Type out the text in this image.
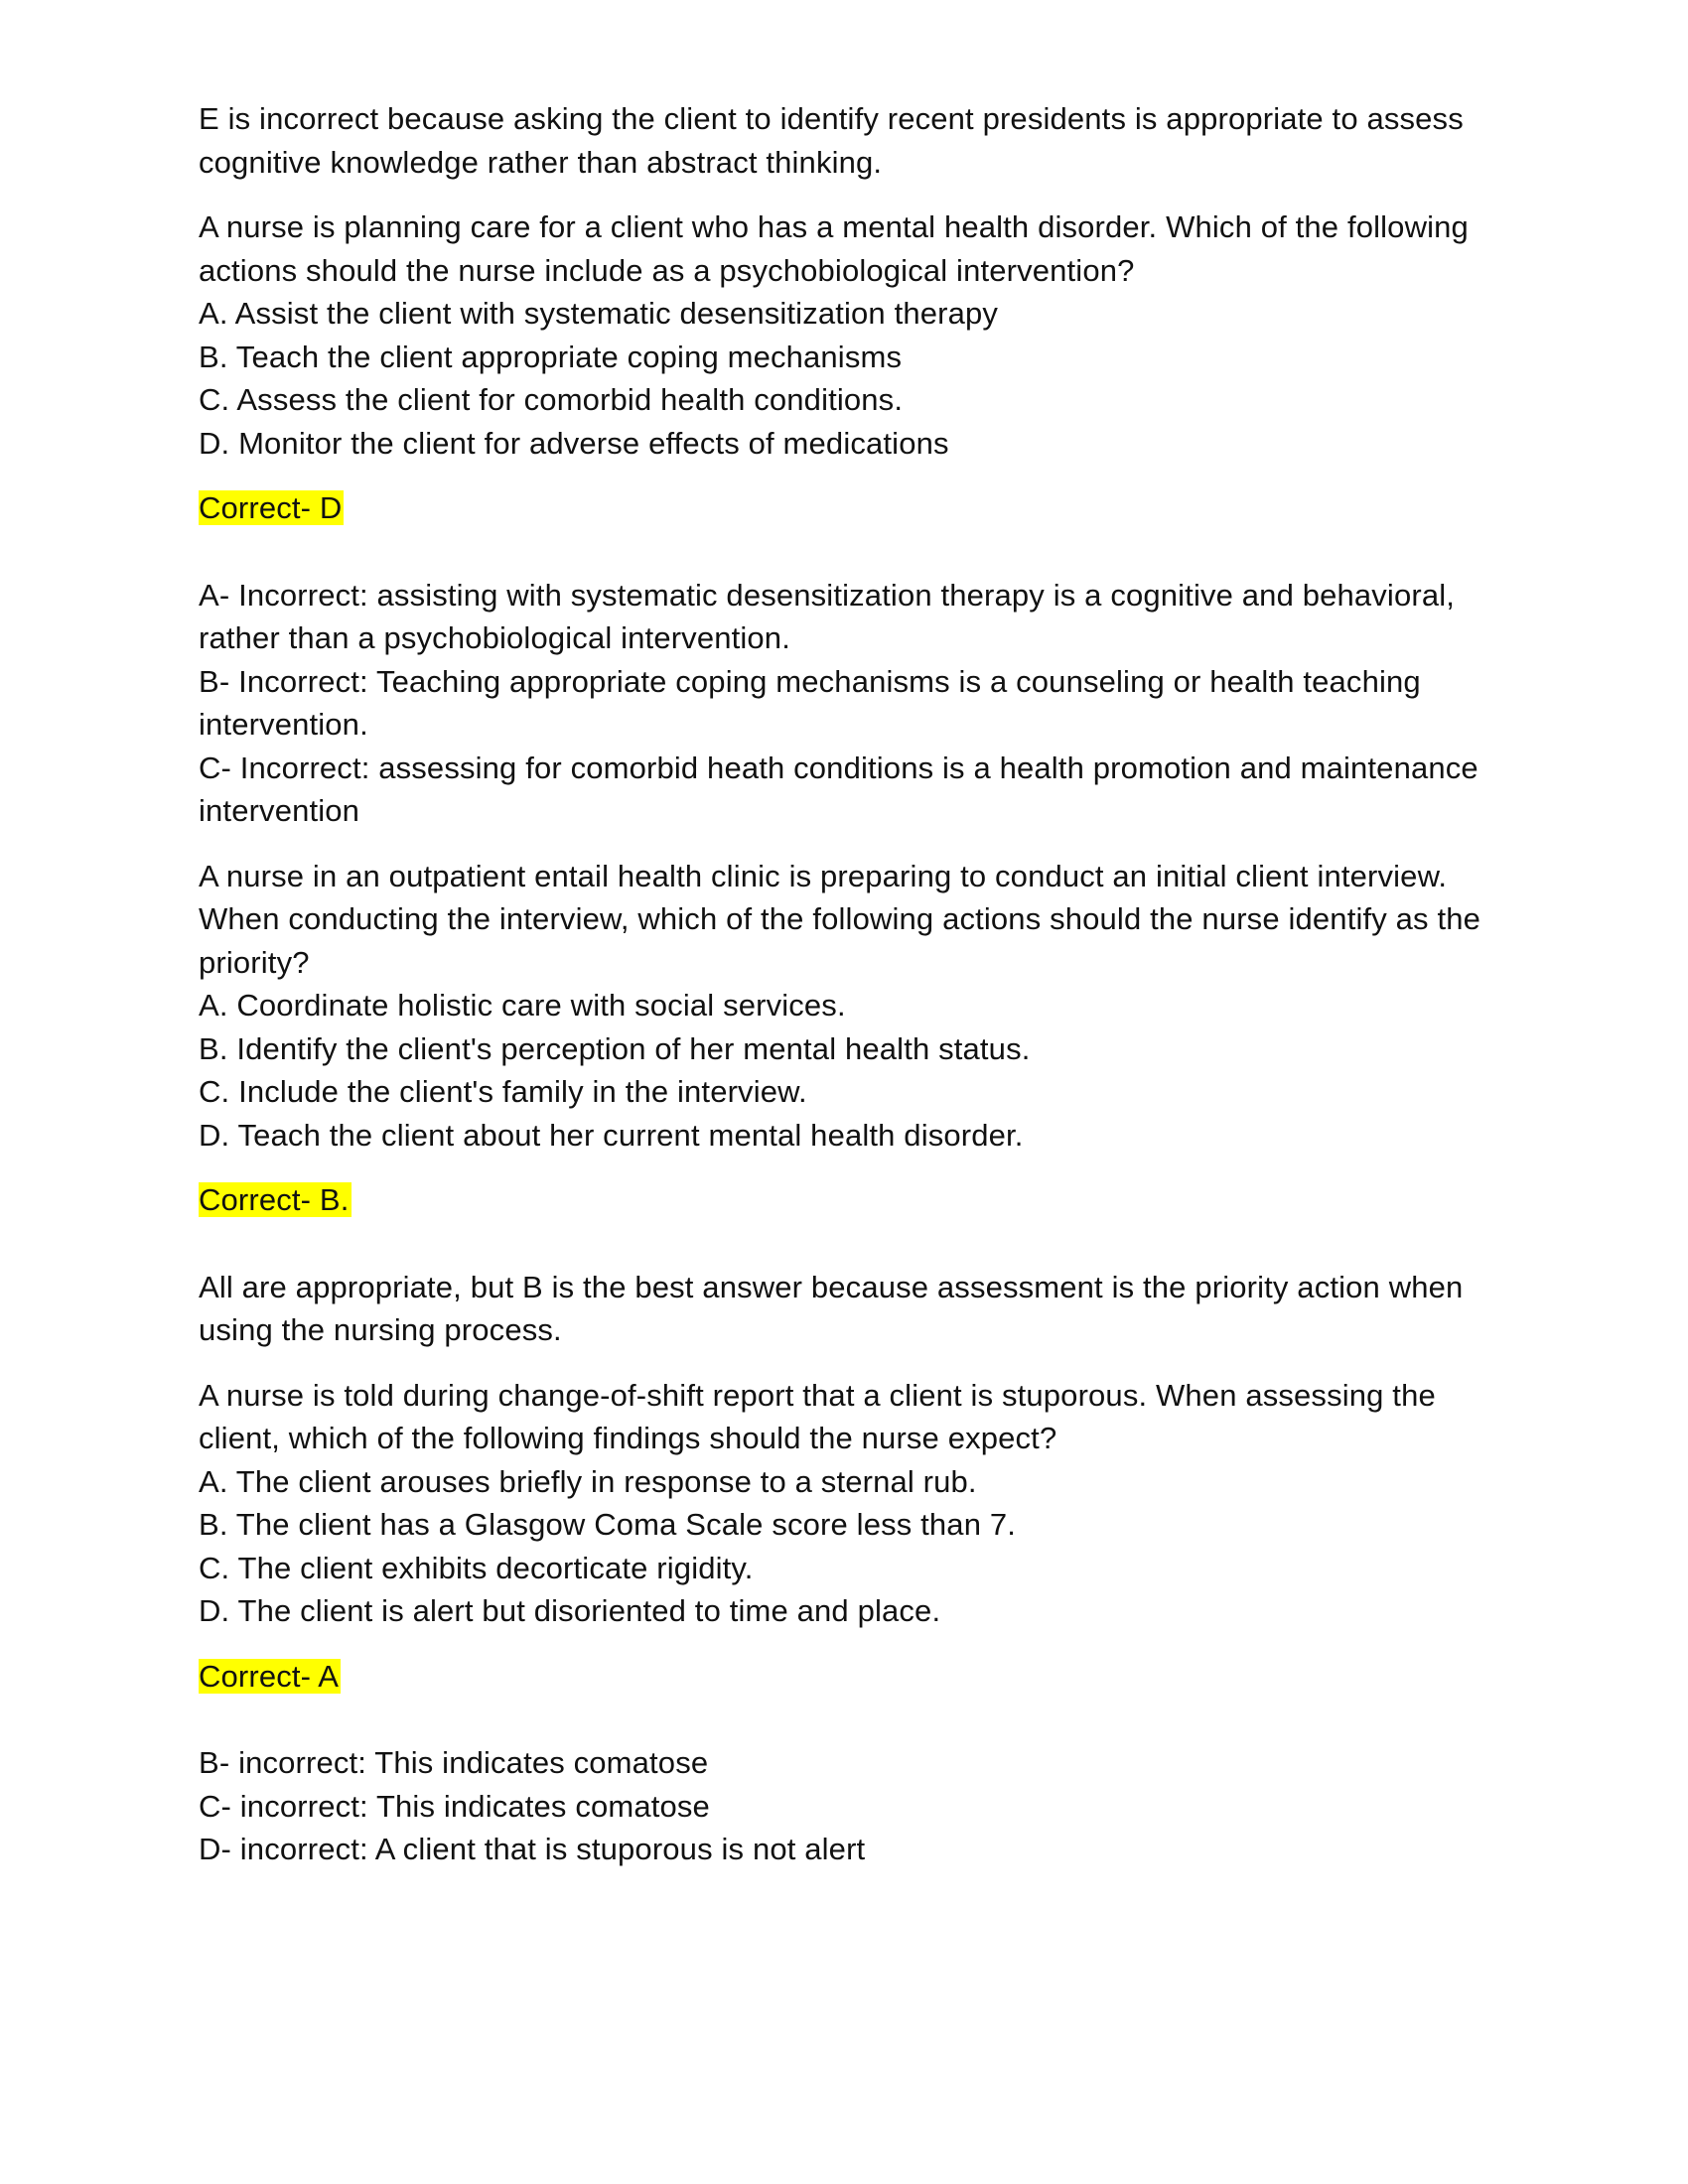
E is incorrect because asking the client to identify recent presidents is appropriate to assess
cognitive knowledge rather than abstract thinking.
A nurse is planning care for a client who has a mental health disorder. Which of the following
actions should the nurse include as a psychobiological intervention?
A. Assist the client with systematic desensitization therapy
B. Teach the client appropriate coping mechanisms
C. Assess the client for comorbid health conditions.
D. Monitor the client for adverse effects of medications
Correct- D
A- Incorrect: assisting with systematic desensitization therapy is a cognitive and behavioral,
rather than a psychobiological intervention.
B- Incorrect: Teaching appropriate coping mechanisms is a counseling or health teaching
intervention.
C- Incorrect: assessing for comorbid heath conditions is a health promotion and maintenance
intervention
A nurse in an outpatient entail health clinic is preparing to conduct an initial client interview.
When conducting the interview, which of the following actions should the nurse identify as the
priority?
A. Coordinate holistic care with social services.
B. Identify the client's perception of her mental health status.
C. Include the client's family in the interview.
D. Teach the client about her current mental health disorder.
Correct- B.
All are appropriate, but B is the best answer because assessment is the priority action when
using the nursing process.
A nurse is told during change-of-shift report that a client is stuporous. When assessing the
client, which of the following findings should the nurse expect?
A. The client arouses briefly in response to a sternal rub.
B. The client has a Glasgow Coma Scale score less than 7.
C. The client exhibits decorticate rigidity.
D. The client is alert but disoriented to time and place.
Correct- A
B- incorrect: This indicates comatose
C- incorrect: This indicates comatose
D- incorrect: A client that is stuporous is not alert
